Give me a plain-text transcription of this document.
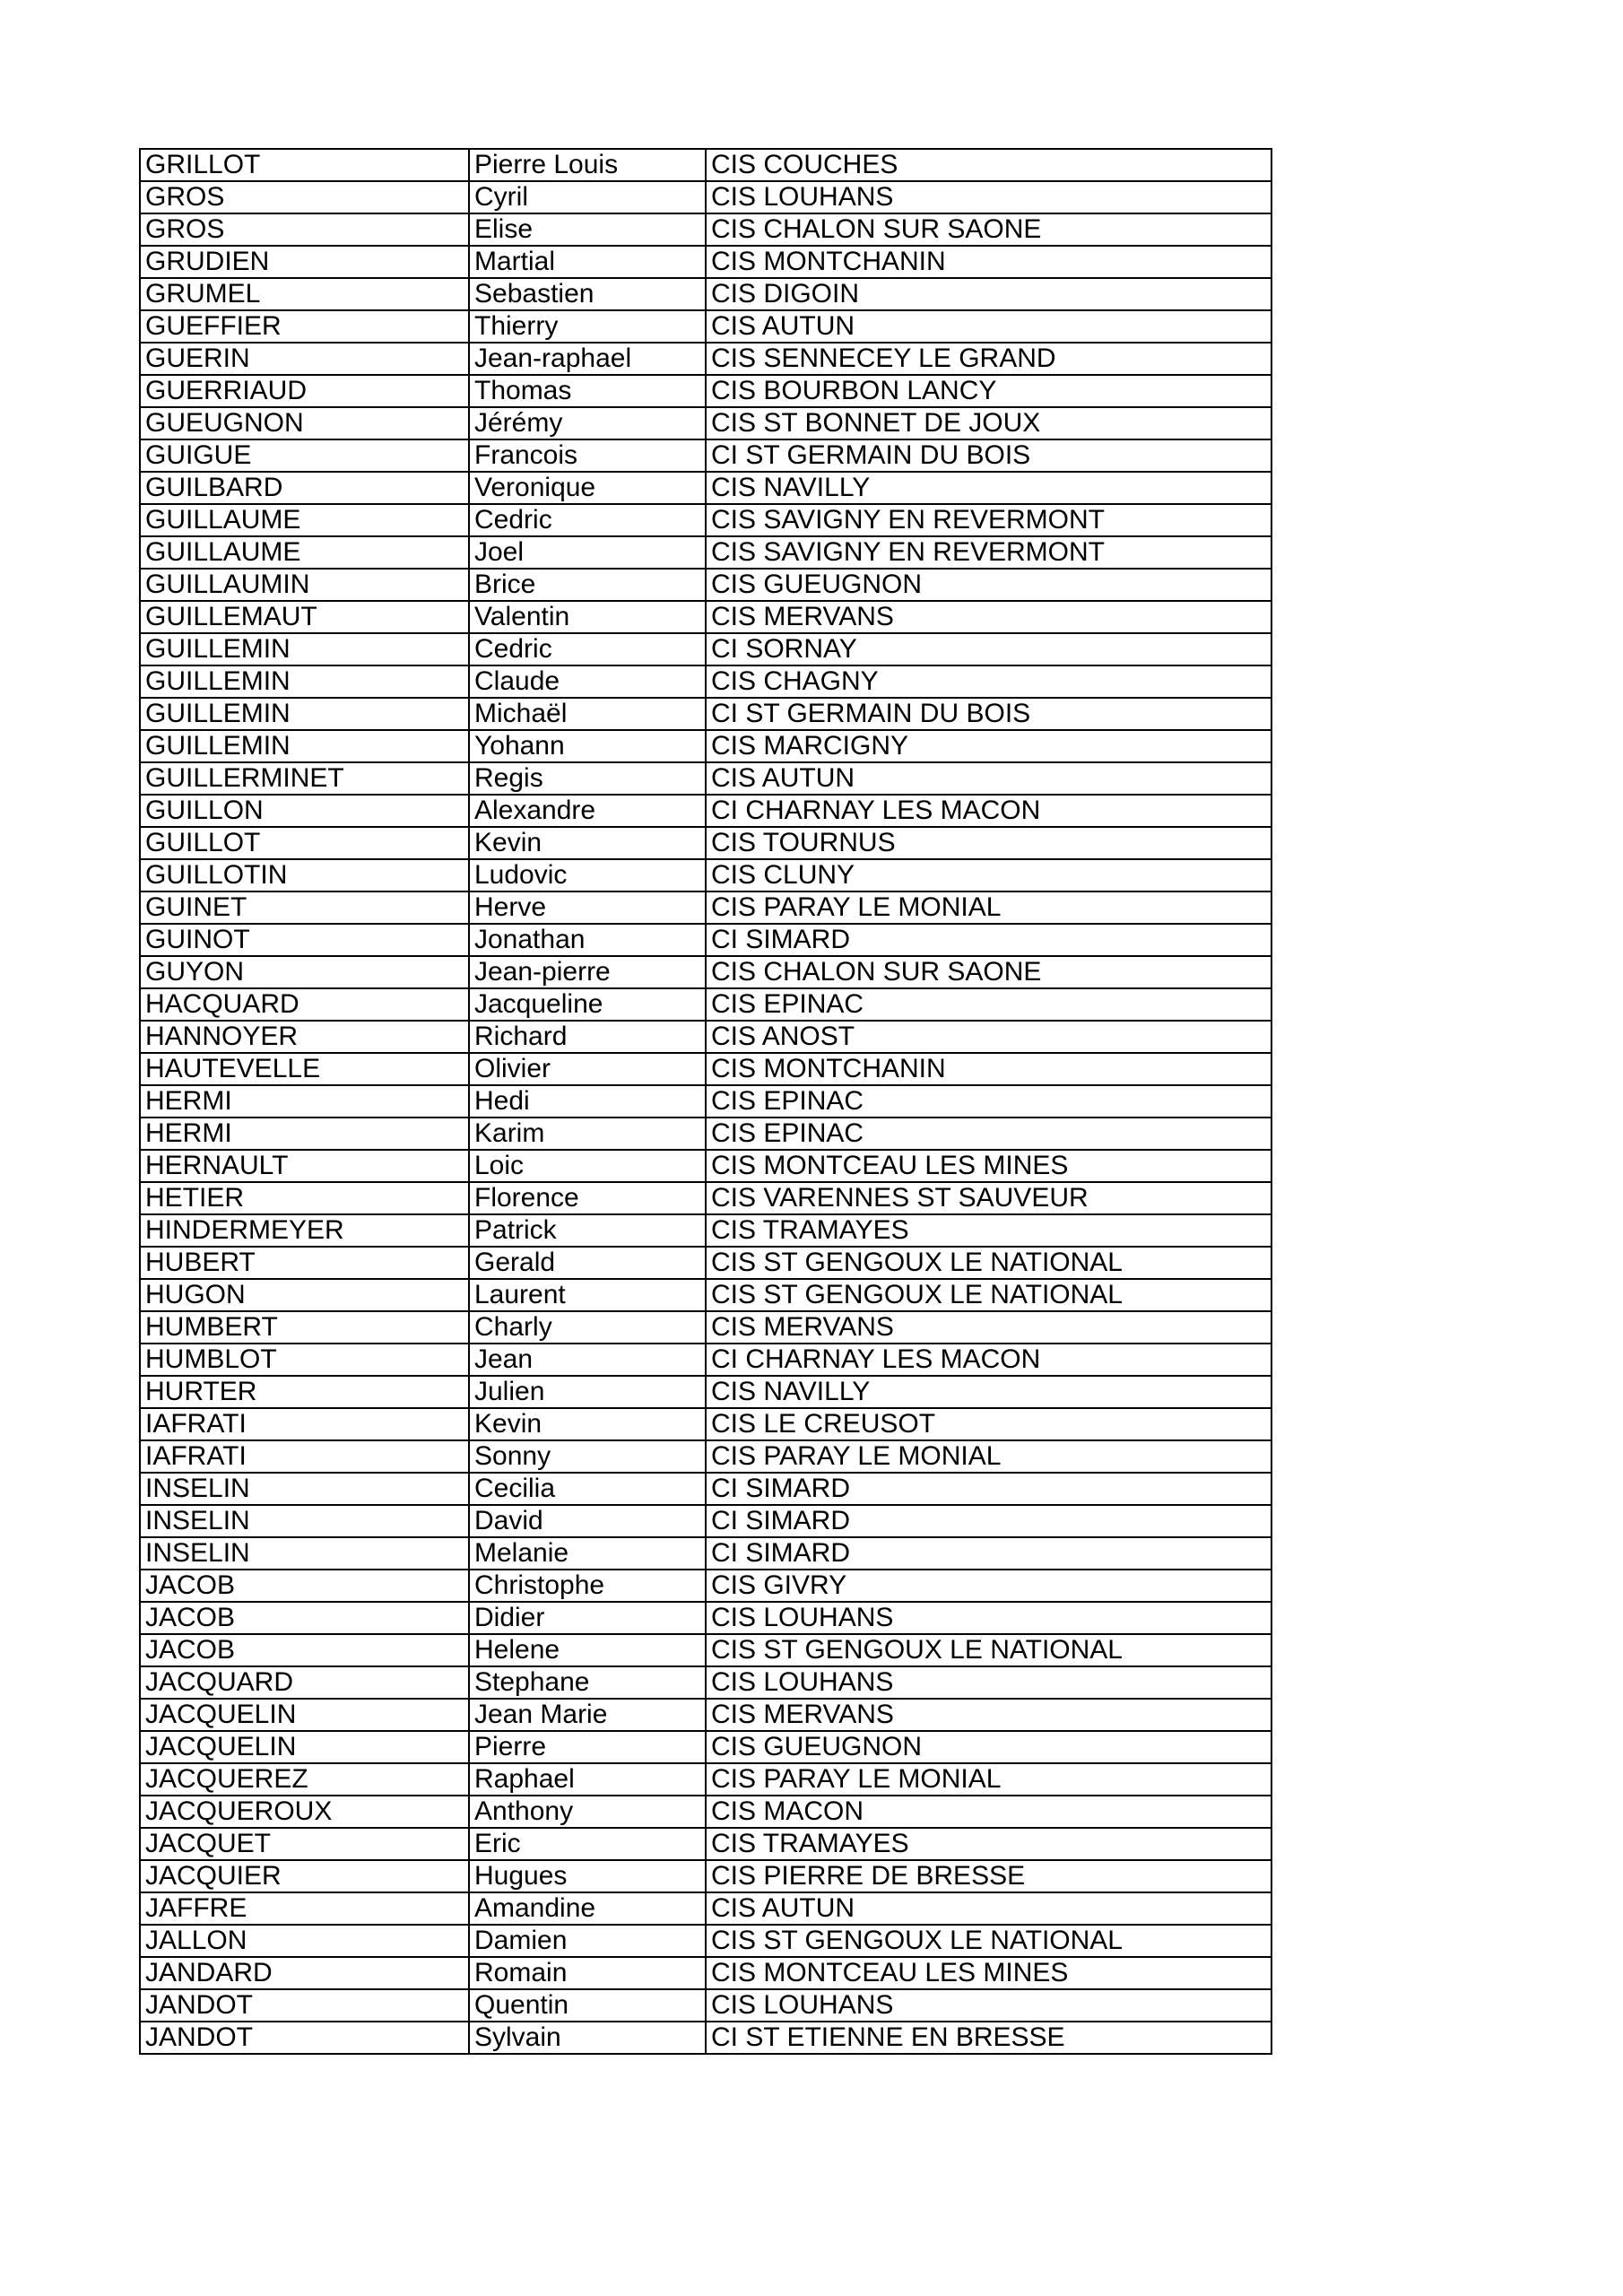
GRILLOT	Pierre Louis	CIS COUCHES
GROS	Cyril	CIS LOUHANS
GROS	Elise	CIS CHALON SUR SAONE
GRUDIEN	Martial	CIS MONTCHANIN
GRUMEL	Sebastien	CIS DIGOIN
GUEFFIER	Thierry	CIS AUTUN
GUERIN	Jean-raphael	CIS SENNECEY LE GRAND
GUERRIAUD	Thomas	CIS BOURBON LANCY
GUEUGNON	Jérémy	CIS ST BONNET DE JOUX
GUIGUE	Francois	CI ST GERMAIN DU BOIS
GUILBARD	Veronique	CIS NAVILLY
GUILLAUME	Cedric	CIS SAVIGNY EN REVERMONT
GUILLAUME	Joel	CIS SAVIGNY EN REVERMONT
GUILLAUMIN	Brice	CIS GUEUGNON
GUILLEMAUT	Valentin	CIS MERVANS
GUILLEMIN	Cedric	CI SORNAY
GUILLEMIN	Claude	CIS CHAGNY
GUILLEMIN	Michaël	CI ST GERMAIN DU BOIS
GUILLEMIN	Yohann	CIS MARCIGNY
GUILLERMINET	Regis	CIS AUTUN
GUILLON	Alexandre	CI CHARNAY LES MACON
GUILLOT	Kevin	CIS TOURNUS
GUILLOTIN	Ludovic	CIS CLUNY
GUINET	Herve	CIS PARAY LE MONIAL
GUINOT	Jonathan	CI SIMARD
GUYON	Jean-pierre	CIS CHALON SUR SAONE
HACQUARD	Jacqueline	CIS EPINAC
HANNOYER	Richard	CIS ANOST
HAUTEVELLE	Olivier	CIS MONTCHANIN
HERMI	Hedi	CIS EPINAC
HERMI	Karim	CIS EPINAC
HERNAULT	Loic	CIS MONTCEAU LES MINES
HETIER	Florence	CIS VARENNES ST SAUVEUR
HINDERMEYER	Patrick	CIS TRAMAYES
HUBERT	Gerald	CIS ST GENGOUX LE NATIONAL
HUGON	Laurent	CIS ST GENGOUX LE NATIONAL
HUMBERT	Charly	CIS MERVANS
HUMBLOT	Jean	CI CHARNAY LES MACON
HURTER	Julien	CIS NAVILLY
IAFRATI	Kevin	CIS LE CREUSOT
IAFRATI	Sonny	CIS PARAY LE MONIAL
INSELIN	Cecilia	CI SIMARD
INSELIN	David	CI SIMARD
INSELIN	Melanie	CI SIMARD
JACOB	Christophe	CIS GIVRY
JACOB	Didier	CIS LOUHANS
JACOB	Helene	CIS ST GENGOUX LE NATIONAL
JACQUARD	Stephane	CIS LOUHANS
JACQUELIN	Jean Marie	CIS MERVANS
JACQUELIN	Pierre	CIS GUEUGNON
JACQUEREZ	Raphael	CIS PARAY LE MONIAL
JACQUEROUX	Anthony	CIS MACON
JACQUET	Eric	CIS TRAMAYES
JACQUIER	Hugues	CIS PIERRE DE BRESSE
JAFFRE	Amandine	CIS AUTUN
JALLON	Damien	CIS ST GENGOUX LE NATIONAL
JANDARD	Romain	CIS MONTCEAU LES MINES
JANDOT	Quentin	CIS LOUHANS
JANDOT	Sylvain	CI ST ETIENNE EN BRESSE
